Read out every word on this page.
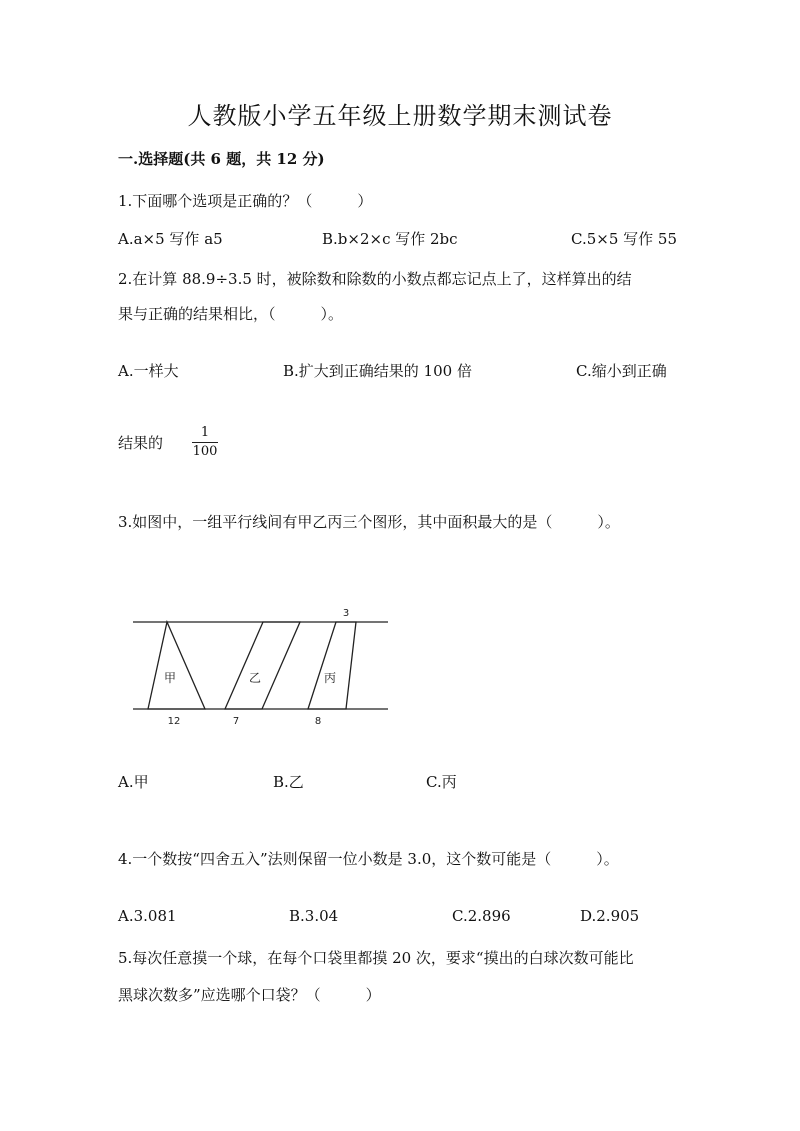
人教版小学五年级上册数学期末测试卷
一.选择题(共 6 题，共 12 分)
1.下面哪个选项是正确的？（　　　）
A.a×5 写作 a5	B.b×2×c 写作 2bc	C.5×5 写作 55
2.在计算 88.9÷3.5 时，被除数和除数的小数点都忘记点上了，这样算出的结
果与正确的结果相比，（　　　）。
A.一样大	B.扩大到正确结果的 100 倍	C.缩小到正确
结果的
1
100
3.如图中，一组平行线间有甲乙丙三个图形，其中面积最大的是（　　　）。
甲	乙	丙
12	7	8
3
A.甲	B.乙	C.丙
4.一个数按“四舍五入”法则保留一位小数是 3.0，这个数可能是（　　　）。
A.3.081	B.3.04	C.2.896	D.2.905
5.每次任意摸一个球，在每个口袋里都摸 20 次，要求“摸出的白球次数可能比
黑球次数多”应选哪个口袋？（　　　）
